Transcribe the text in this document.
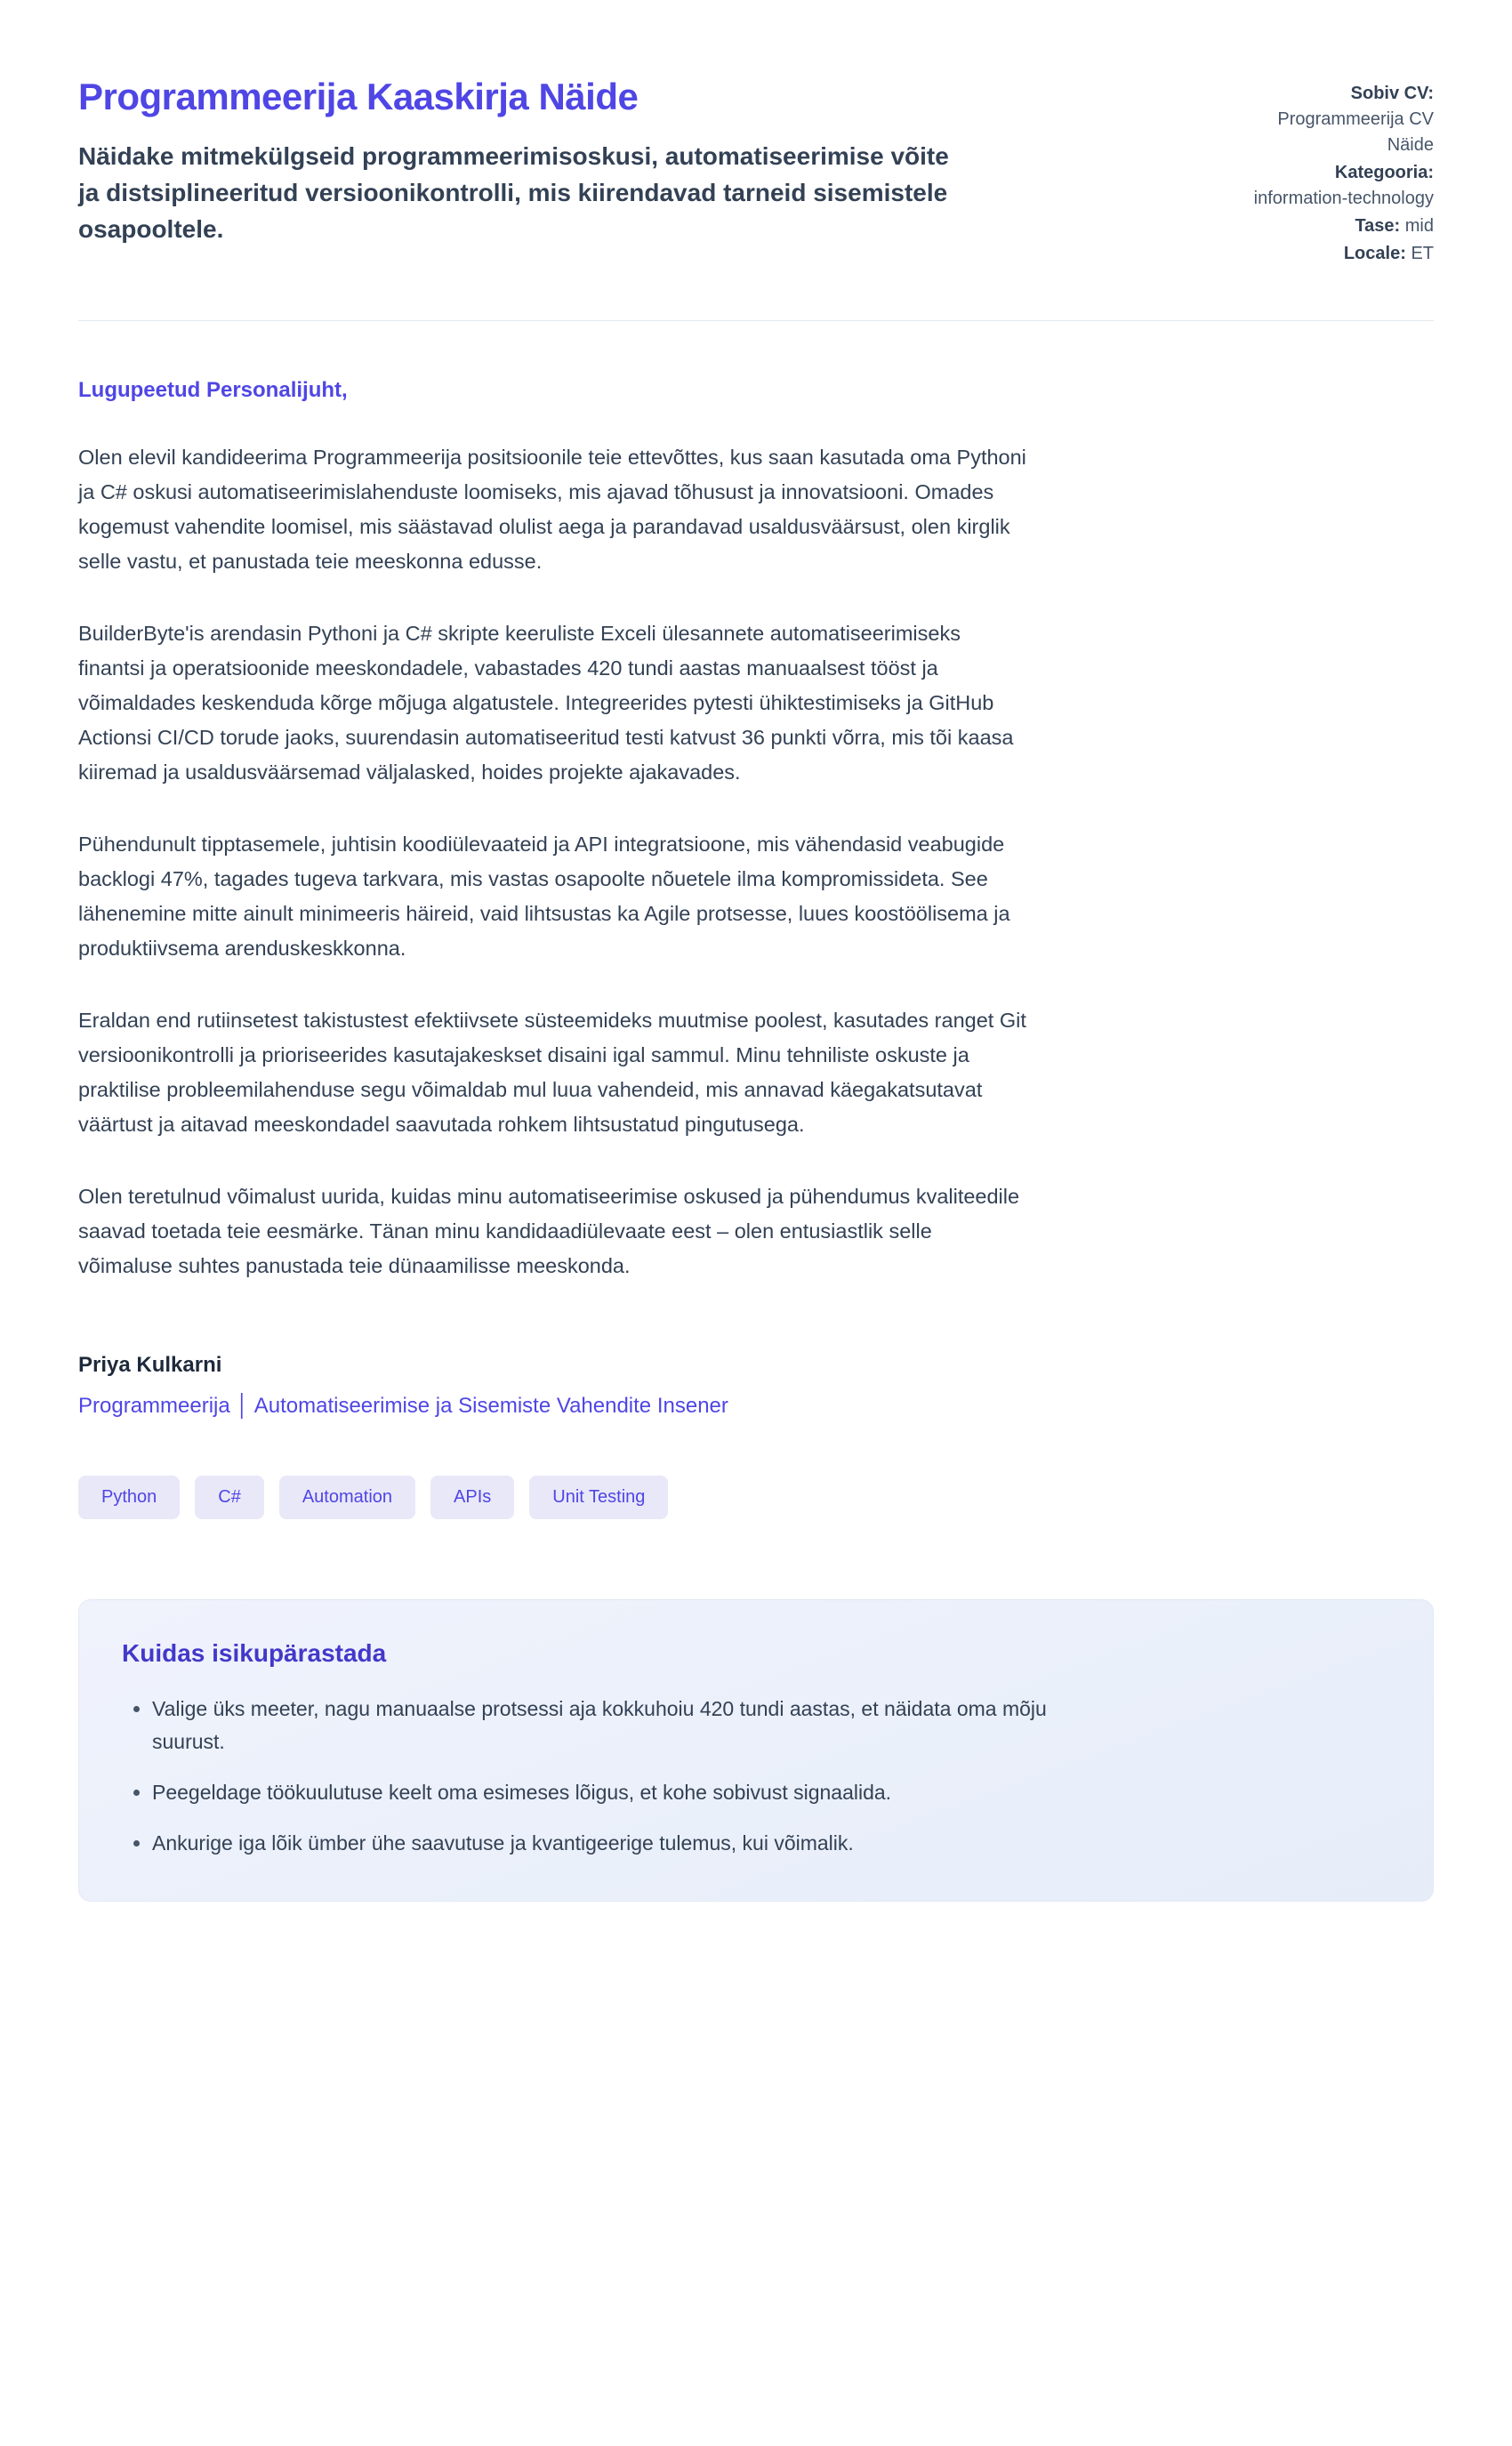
Programmeerija Kaaskirja Näide

Näidake mitmekülgseid programmeerimisoskusi, automatiseerimise võite ja distsiplineeritud versioonikontrolli, mis kiirendavad tarneid sisemistele osapooltele.

Sobiv CV: Programmeerija CV Näide
Kategooria: information-technology
Tase: mid
Locale: ET

Lugupeetud Personalijuht,

Olen elevil kandideerima Programmeerija positsioonile teie ettevõttes, kus saan kasutada oma Pythoni ja C# oskusi automatiseerimislahenduste loomiseks, mis ajavad tõhusust ja innovatsiooni. Omades kogemust vahendite loomisel, mis säästavad olulist aega ja parandavad usaldusväärsust, olen kirglik selle vastu, et panustada teie meeskonna edusse.

BuilderByte'is arendasin Pythoni ja C# skripte keeruliste Exceli ülesannete automatiseerimiseks finantsi ja operatsioonide meeskondadele, vabastades 420 tundi aastas manuaalsest tööst ja võimaldades keskenduda kõrge mõjuga algatustele. Integreerides pytesti ühiktestimiseks ja GitHub Actionsi CI/CD torude jaoks, suurendasin automatiseeritud testi katvust 36 punkti võrra, mis tõi kaasa kiiremad ja usaldusväärsemad väljalasked, hoides projekte ajakavades.

Pühendunult tipptasemele, juhtisin koodiülevaateid ja API integratsioone, mis vähendasid veabugide backlogi 47%, tagades tugeva tarkvara, mis vastas osapoolte nõuetele ilma kompromissideta. See lähenemine mitte ainult minimeeris häireid, vaid lihtsustas ka Agile protsesse, luues koostöölisema ja produktiivsema arenduskeskkonna.

Eraldan end rutiinsetest takistustest efektiivsete süsteemideks muutmise poolest, kasutades ranget Git versioonikontrolli ja prioriseerides kasutajakeskset disaini igal sammul. Minu tehniliste oskuste ja praktilise probleemilahenduse segu võimaldab mul luua vahendeid, mis annavad käegakatsutavat väärtust ja aitavad meeskondadel saavutada rohkem lihtsustatud pingutusega.

Olen teretulnud võimalust uurida, kuidas minu automatiseerimise oskused ja pühendumus kvaliteedile saavad toetada teie eesmärke. Tänan minu kandidaadiülevaate eest – olen entusiastlik selle võimaluse suhtes panustada teie dünaamilisse meeskonda.

Priya Kulkarni

Programmeerija │ Automatiseerimise ja Sisemiste Vahendite Insener

Python	C#	Automation	APIs	Unit Testing
Kuidas isikupärastada
• Valige üks meeter, nagu manuaalse protsessi aja kokkuhoiu 420 tundi aastas, et näidata oma mõju suurust.
• Peegeldage töökuulutuse keelt oma esimeses lõigus, et kohe sobivust signaalida.
• Ankurige iga lõik ümber ühe saavutuse ja kvantigeerige tulemus, kui võimalik.
